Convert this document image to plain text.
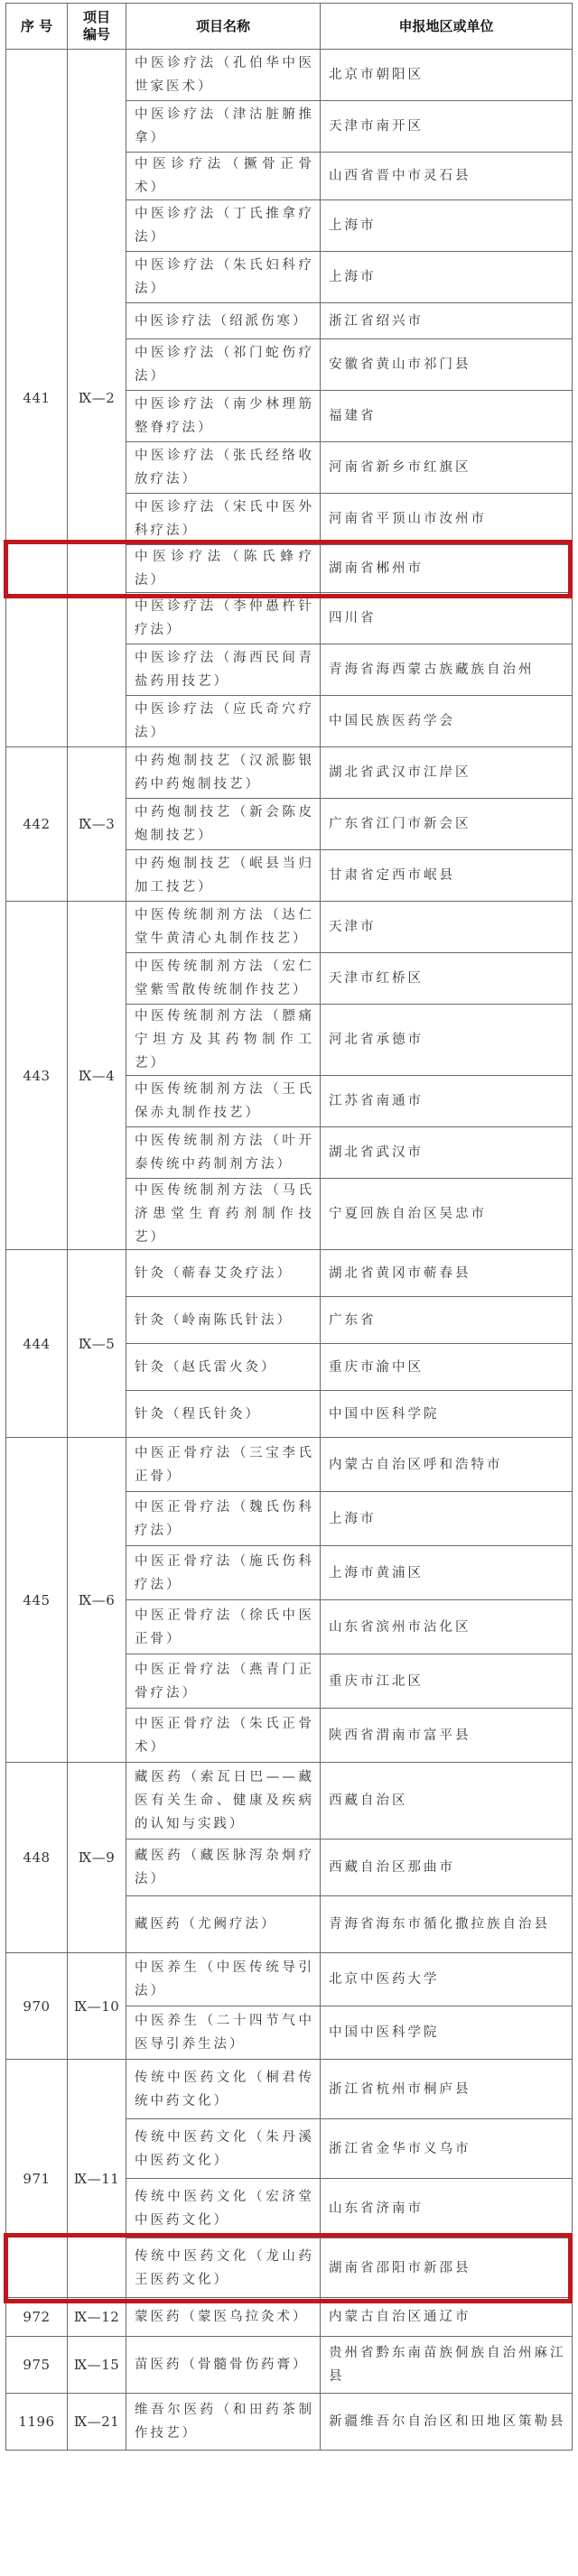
序 号	项目编号	项目名称	申报地区或单位
441	Ⅸ—2	中医诊疗法（孔伯华中医世家医术）	北京市朝阳区
		中医诊疗法（津沽脏腑推拿）	天津市南开区
		中医诊疗法（撅骨正骨术）	山西省晋中市灵石县
		中医诊疗法（丁氏推拿疗法）	上海市
		中医诊疗法（朱氏妇科疗法）	上海市
		中医诊疗法（绍派伤寒）	浙江省绍兴市
		中医诊疗法（祁门蛇伤疗法）	安徽省黄山市祁门县
		中医诊疗法（南少林理筋整脊疗法）	福建省
		中医诊疗法（张氏经络收放疗法）	河南省新乡市红旗区
		中医诊疗法（宋氏中医外科疗法）	河南省平顶山市汝州市
		中医诊疗法（陈氏蜂疗法）	湖南省郴州市
		中医诊疗法（李仲愚杵针疗法）	四川省
		中医诊疗法（海西民间青盐药用技艺）	青海省海西蒙古族藏族自治州
		中医诊疗法（应氏奇穴疗法）	中国民族医药学会
442	Ⅸ—3	中药炮制技艺（汉派膨银药中药炮制技艺）	湖北省武汉市江岸区
		中药炮制技艺（新会陈皮炮制技艺）	广东省江门市新会区
		中药炮制技艺（岷县当归加工技艺）	甘肃省定西市岷县
443	Ⅸ—4	中医传统制剂方法（达仁堂牛黄清心丸制作技艺）	天津市
		中医传统制剂方法（宏仁堂紫雪散传统制作技艺）	天津市红桥区
		中医传统制剂方法（膘痛宁坦方及其药物制作工艺）	河北省承德市
		中医传统制剂方法（王氏保赤丸制作技艺）	江苏省南通市
		中医传统制剂方法（叶开泰传统中药制剂方法）	湖北省武汉市
		中医传统制剂方法（马氏济患堂生育药剂制作技艺）	宁夏回族自治区吴忠市
444	Ⅸ—5	针灸（蕲春艾灸疗法）	湖北省黄冈市蕲春县
		针灸（岭南陈氏针法）	广东省
		针灸（赵氏雷火灸）	重庆市渝中区
		针灸（程氏针灸）	中国中医科学院
445	Ⅸ—6	中医正骨疗法（三宝李氏正骨）	内蒙古自治区呼和浩特市
		中医正骨疗法（魏氏伤科疗法）	上海市
		中医正骨疗法（施氏伤科疗法）	上海市黄浦区
		中医正骨疗法（徐氏中医正骨）	山东省滨州市沾化区
		中医正骨疗法（燕青门正骨疗法）	重庆市江北区
		中医正骨疗法（朱氏正骨术）	陕西省渭南市富平县
448	Ⅸ—9	藏医药（索瓦日巴——藏医有关生命、健康及疾病的认知与实践）	西藏自治区
		藏医药（藏医脉泻杂炯疗法）	西藏自治区那曲市
		藏医药（尤阙疗法）	青海省海东市循化撒拉族自治县
970	Ⅸ—10	中医养生（中医传统导引法）	北京中医药大学
		中医养生（二十四节气中医导引养生法）	中国中医科学院
971	Ⅸ—11	传统中医药文化（桐君传统中药文化）	浙江省杭州市桐庐县
		传统中医药文化（朱丹溪中医药文化）	浙江省金华市义乌市
		传统中医药文化（宏济堂中医药文化）	山东省济南市
		传统中医药文化（龙山药王医药文化）	湖南省邵阳市新邵县
972	Ⅸ—12	蒙医药（蒙医乌拉灸术）	内蒙古自治区通辽市
975	Ⅸ—15	苗医药（骨髓骨伤药膏）	贵州省黔东南苗族侗族自治州麻江县
1196	Ⅸ—21	维吾尔医药（和田药茶制作技艺）	新疆维吾尔自治区和田地区策勒县
